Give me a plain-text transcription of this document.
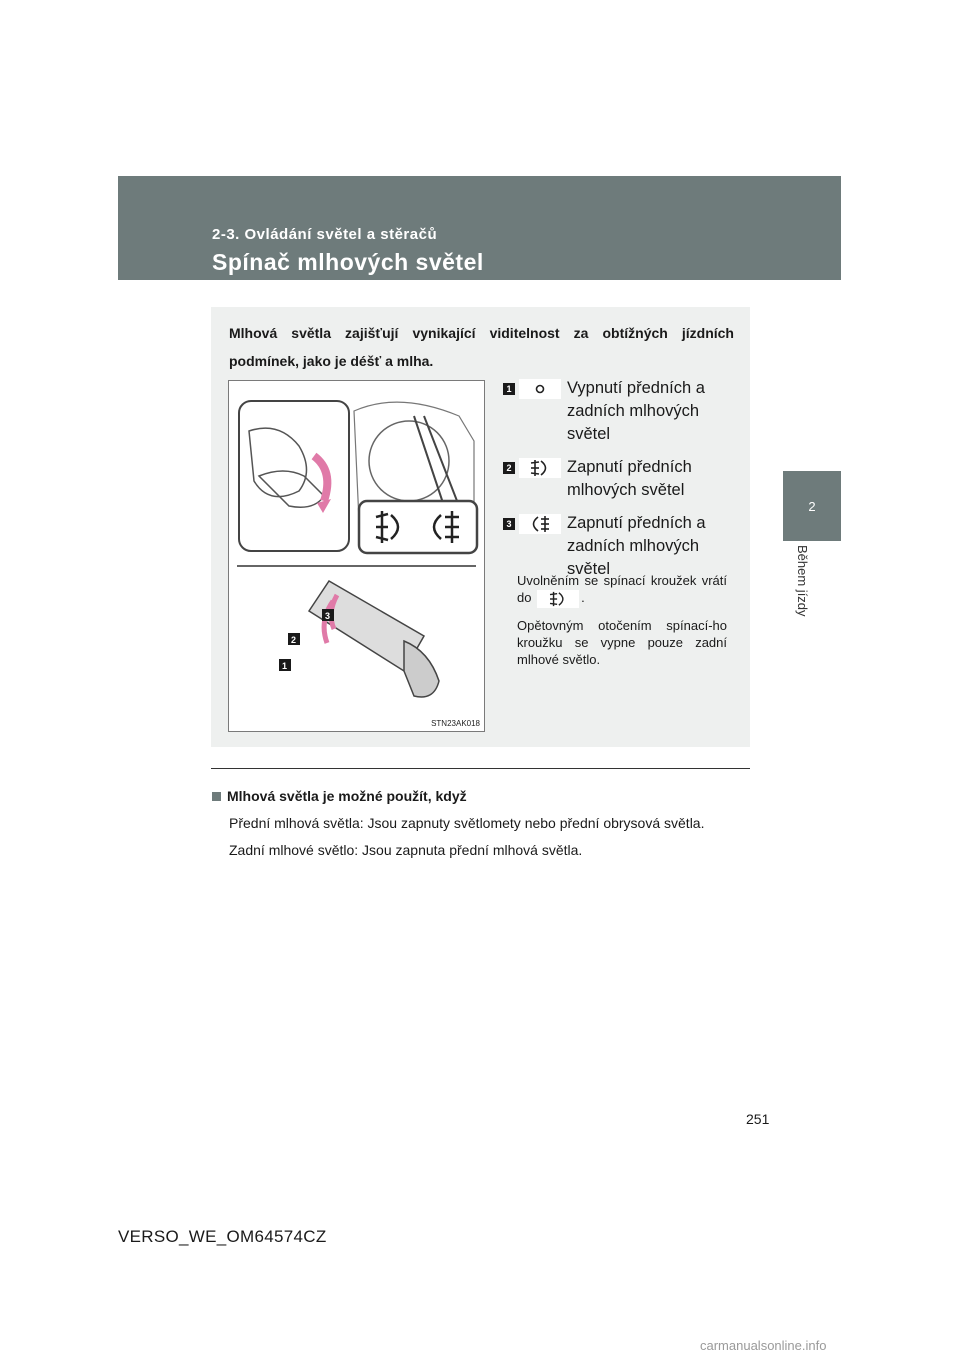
2-3. Ovládání světel a stěračů
Spínač mlhových světel
2
Během jízdy
Mlhová světla zajišťují vynikající viditelnost za obtížných jízdních podmínek, jako je déšť a mlha.
3
2
1
STN23AK018
1	Vypnutí předních a zadních mlhových světel
2	Zapnutí předních mlhových světel
3	Zapnutí předních a zadních mlhových světel
Uvolněním se spínací kroužek vrátí do	.
Opětovným otočením spínací-ho kroužku se vypne pouze zadní mlhové světlo.
Mlhová světla je možné použít, když
Přední mlhová světla: Jsou zapnuty světlomety nebo přední obrysová světla.
Zadní mlhové světlo: Jsou zapnuta přední mlhová světla.
251
VERSO_WE_OM64574CZ
carmanualsonline.info
